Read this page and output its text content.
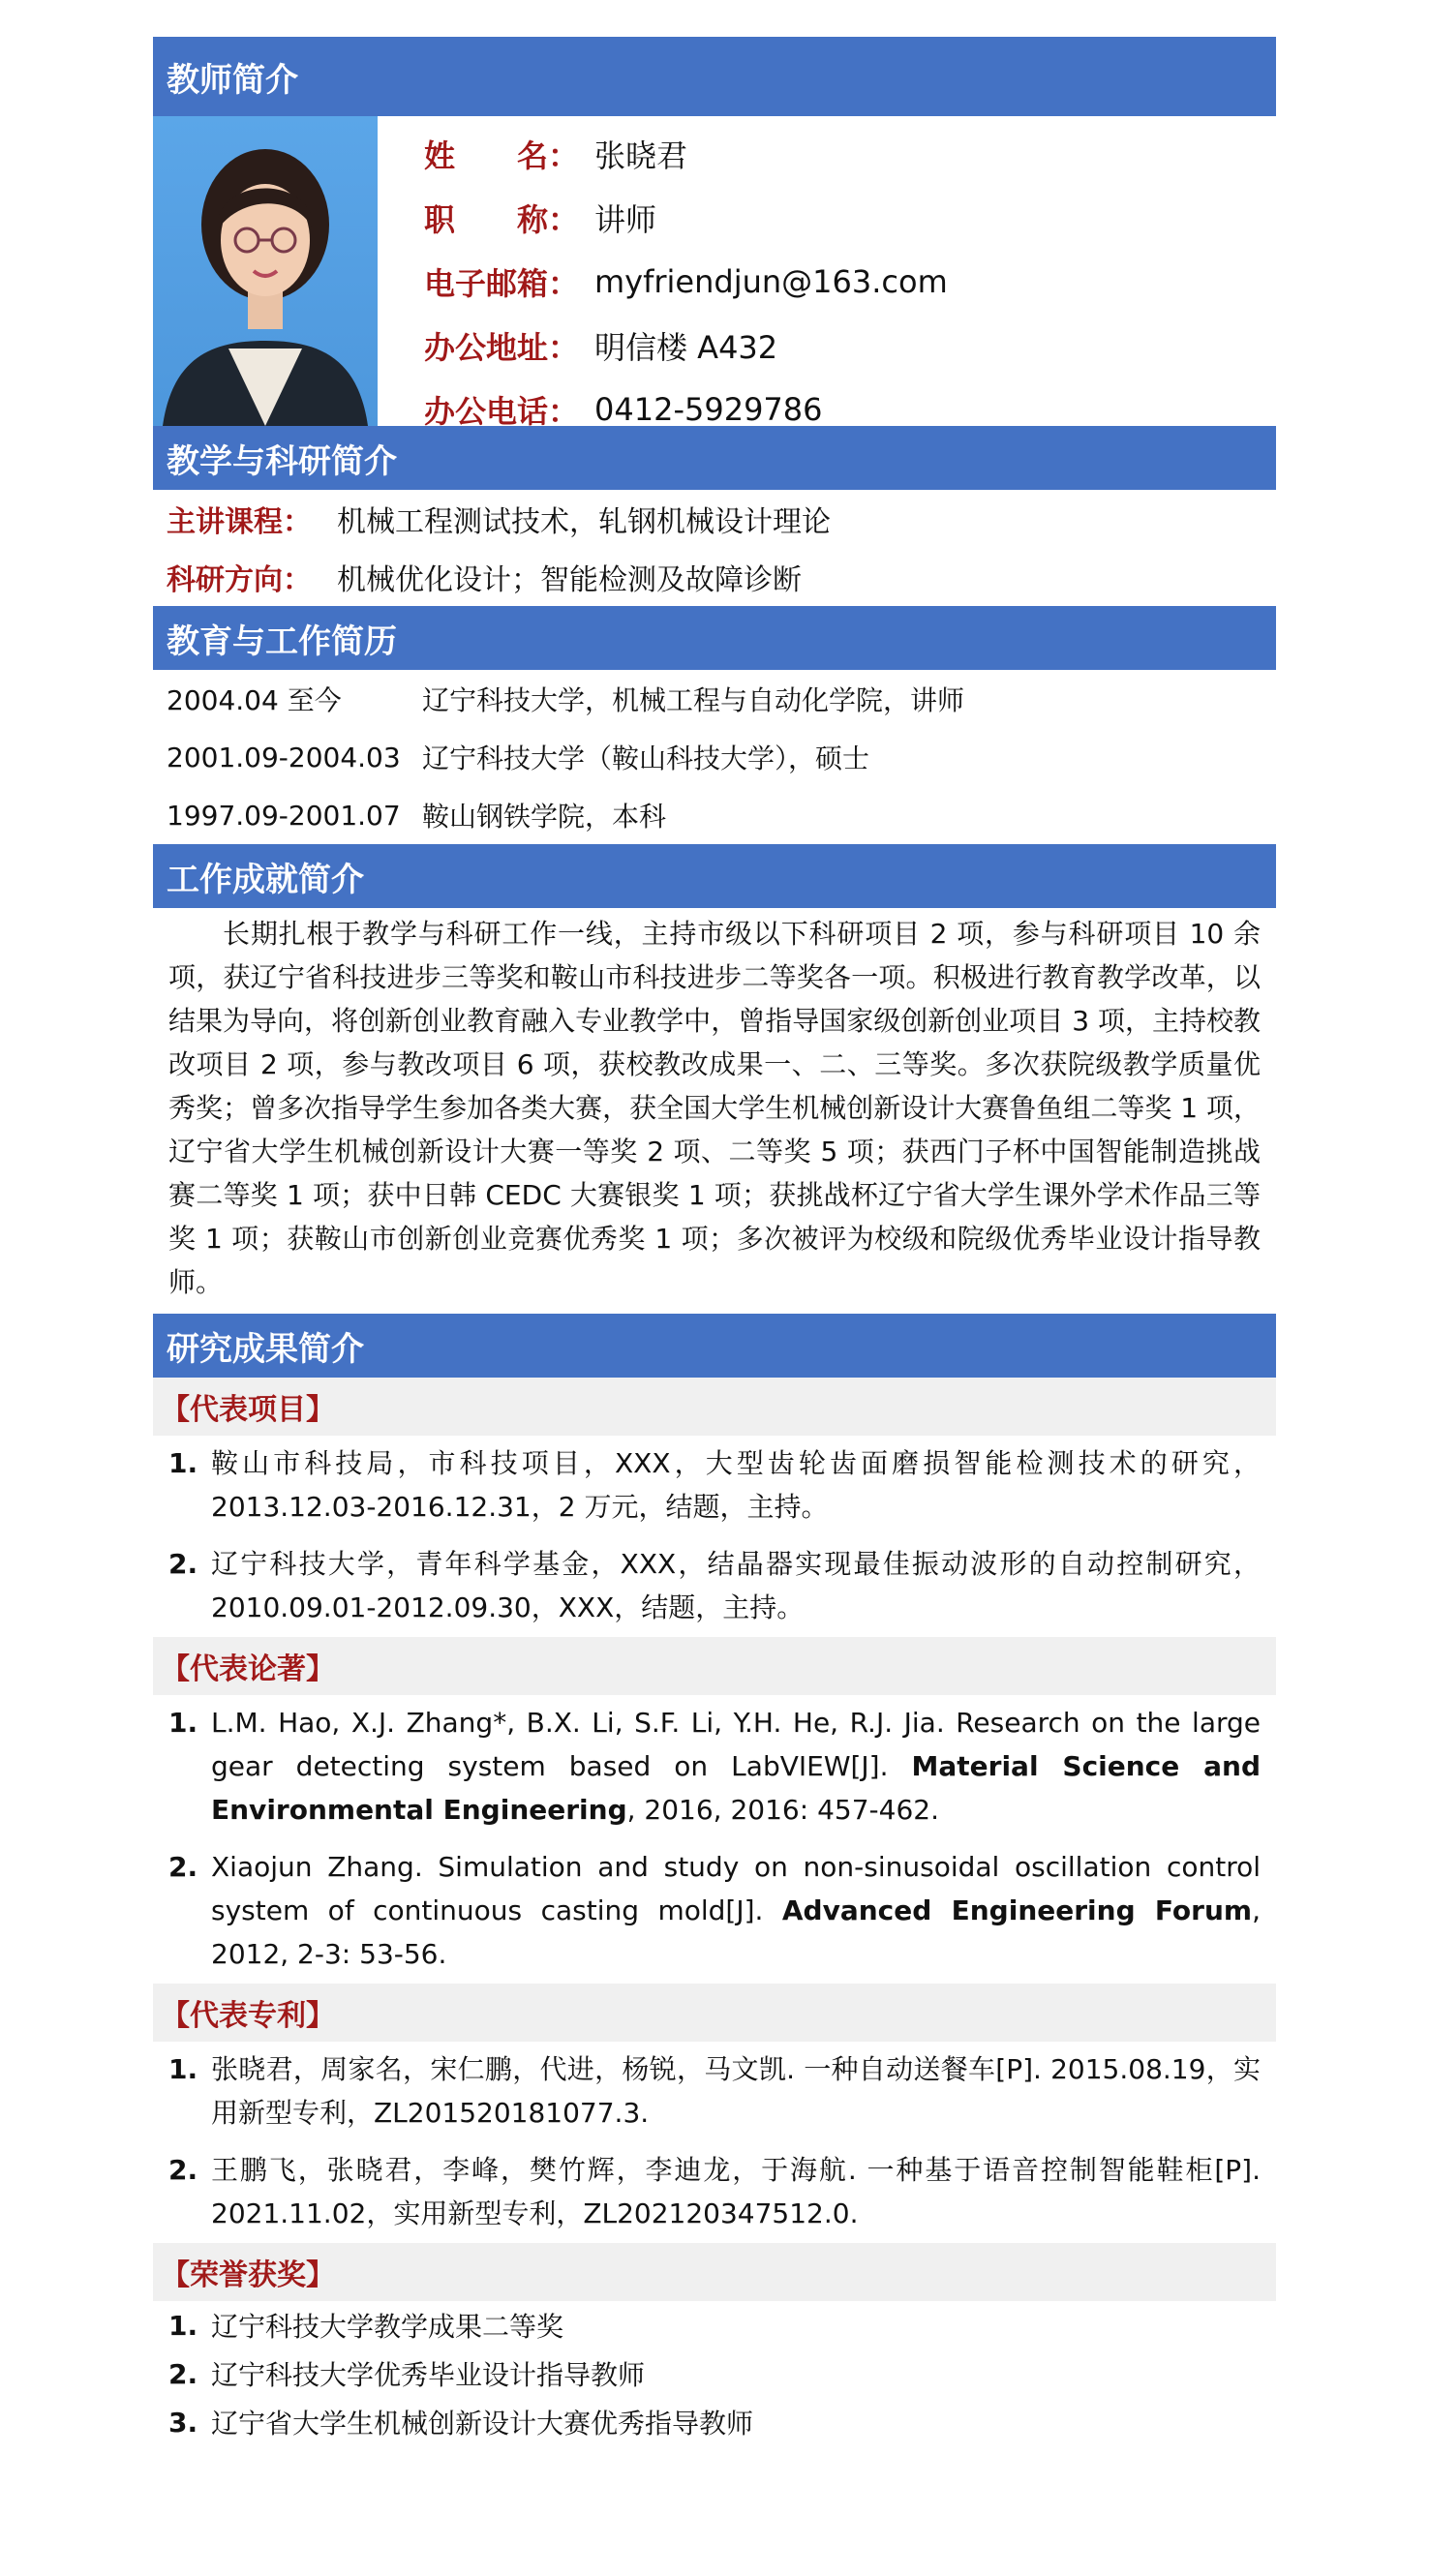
教师简介
姓　　名： 张晓君
职　　称： 讲师
电子邮箱： myfriendjun@163.com
办公地址： 明信楼 A432
办公电话： 0412-5929786
教学与科研简介
主讲课程： 机械工程测试技术，轧钢机械设计理论
科研方向： 机械优化设计；智能检测及故障诊断
教育与工作简历
2004.04 至今	辽宁科技大学，机械工程与自动化学院，讲师
2001.09-2004.03 辽宁科技大学（鞍山科技大学），硕士
1997.09-2001.07 鞍山钢铁学院，本科
工作成就简介
长期扎根于教学与科研工作一线，主持市级以下科研项目 2 项，参与科研项目 10 余项，获辽宁省科技进步三等奖和鞍山市科技进步二等奖各一项。积极进行教育教学改革，以结果为导向，将创新创业教育融入专业教学中，曾指导国家级创新创业项目 3 项，主持校教改项目 2 项，参与教改项目 6 项，获校教改成果一、二、三等奖。多次获院级教学质量优秀奖；曾多次指导学生参加各类大赛，获全国大学生机械创新设计大赛鲁鱼组二等奖 1 项，辽宁省大学生机械创新设计大赛一等奖 2 项、二等奖 5 项；获西门子杯中国智能制造挑战赛二等奖 1 项；获中日韩 CEDC 大赛银奖 1 项；获挑战杯辽宁省大学生课外学术作品三等奖 1 项；获鞍山市创新创业竞赛优秀奖 1 项；多次被评为校级和院级优秀毕业设计指导教师。
研究成果简介
【代表项目】
1. 鞍山市科技局，市科技项目，XXX，大型齿轮齿面磨损智能检测技术的研究，2013.12.03-2016.12.31，2 万元，结题，主持。
2. 辽宁科技大学，青年科学基金，XXX，结晶器实现最佳振动波形的自动控制研究，2010.09.01-2012.09.30，XXX，结题，主持。
【代表论著】
1. L.M. Hao, X.J. Zhang*, B.X. Li, S.F. Li, Y.H. He, R.J. Jia. Research on the large gear detecting system based on LabVIEW[J]. Material Science and Environmental Engineering, 2016, 2016: 457-462.
2. Xiaojun Zhang. Simulation and study on non-sinusoidal oscillation control system of continuous casting mold[J]. Advanced Engineering Forum, 2012, 2-3: 53-56.
【代表专利】
1. 张晓君，周家名，宋仁鹏，代进，杨锐，马文凯. 一种自动送餐车[P]. 2015.08.19，实用新型专利，ZL201520181077.3.
2. 王鹏飞，张晓君，李峰，樊竹辉，李迪龙，于海航. 一种基于语音控制智能鞋柜[P]. 2021.11.02，实用新型专利，ZL202120347512.0.
【荣誉获奖】
1. 辽宁科技大学教学成果二等奖
2. 辽宁科技大学优秀毕业设计指导教师
3. 辽宁省大学生机械创新设计大赛优秀指导教师
